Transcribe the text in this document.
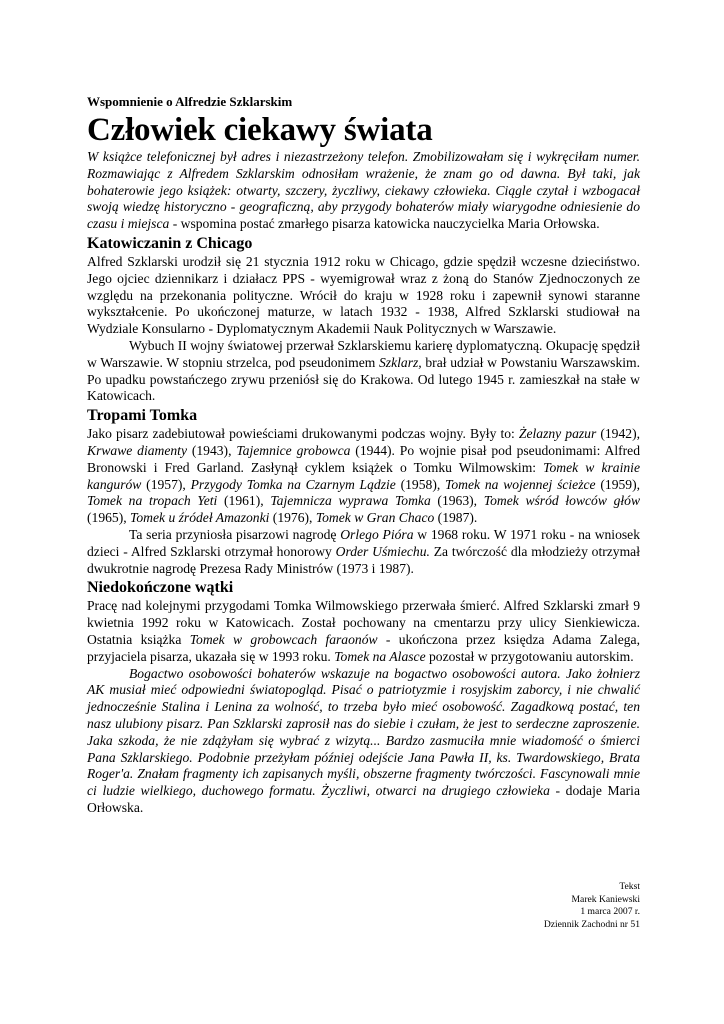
Wspomnienie o Alfredzie Szklarskim
Człowiek ciekawy świata

W książce telefonicznej był adres i niezastrzeżony telefon. Zmobilizowałam się i wykręciłam numer. Rozmawiając z Alfredem Szklarskim odnosiłam wrażenie, że znam go od dawna. Był taki, jak bohaterowie jego książek: otwarty, szczery, życzliwy, ciekawy człowieka. Ciągle czytał i wzbogacał swoją wiedzę historyczno - geograficzną, aby przygody bohaterów miały wiarygodne odniesienie do czasu i miejsca - wspomina postać zmarłego pisarza katowicka nauczycielka Maria Orłowska.

Katowiczanin z Chicago

Alfred Szklarski urodził się 21 stycznia 1912 roku w Chicago, gdzie spędził wczesne dzieciństwo. Jego ojciec dziennikarz i działacz PPS - wyemigrował wraz z żoną do Stanów Zjednoczonych ze względu na przekonania polityczne. Wrócił do kraju w 1928 roku i zapewnił synowi staranne wykształcenie. Po ukończonej maturze, w latach 1932 - 1938, Alfred Szklarski studiował na Wydziale Konsularno - Dyplomatycznym Akademii Nauk Politycznych w Warszawie.

Wybuch II wojny światowej przerwał Szklarskiemu karierę dyplomatyczną. Okupację spędził w Warszawie. W stopniu strzelca, pod pseudonimem Szklarz, brał udział w Powstaniu Warszawskim. Po upadku powstańczego zrywu przeniósł się do Krakowa. Od lutego 1945 r. zamieszkał na stałe w Katowicach.

Tropami Tomka

Jako pisarz zadebiutował powieściami drukowanymi podczas wojny. Były to: Żelazny pazur (1942), Krwawe diamenty (1943), Tajemnice grobowca (1944). Po wojnie pisał pod pseudonimami: Alfred Bronowski i Fred Garland. Zasłynął cyklem książek o Tomku Wilmowskim: Tomek w krainie kangurów (1957), Przygody Tomka na Czarnym Lądzie (1958), Tomek na wojennej ścieżce (1959), Tomek na tropach Yeti (1961), Tajemnicza wyprawa Tomka (1963), Tomek wśród łowców głów (1965), Tomek u źródeł Amazonki (1976), Tomek w Gran Chaco (1987).

Ta seria przyniosła pisarzowi nagrodę Orlego Pióra w 1968 roku. W 1971 roku - na wniosek dzieci - Alfred Szklarski otrzymał honorowy Order Uśmiechu. Za twórczość dla młodzieży otrzymał dwukrotnie nagrodę Prezesa Rady Ministrów (1973 i 1987).

Niedokończone wątki

Pracę nad kolejnymi przygodami Tomka Wilmowskiego przerwała śmierć. Alfred Szklarski zmarł 9 kwietnia 1992 roku w Katowicach. Został pochowany na cmentarzu przy ulicy Sienkiewicza. Ostatnia książka Tomek w grobowcach faraonów - ukończona przez księdza Adama Zalega, przyjaciela pisarza, ukazała się w 1993 roku. Tomek na Alasce pozostał w przygotowaniu autorskim.

Bogactwo osobowości bohaterów wskazuje na bogactwo osobowości autora. Jako żołnierz AK musiał mieć odpowiedni światopogląd. Pisać o patriotyzmie i rosyjskim zaborcy, i nie chwalić jednocześnie Stalina i Lenina za wolność, to trzeba było mieć osobowość. Zagadkową postać, ten nasz ulubiony pisarz. Pan Szklarski zaprosił nas do siebie i czułam, że jest to serdeczne zaproszenie. Jaka szkoda, że nie zdążyłam się wybrać z wizytą... Bardzo zasmuciła mnie wiadomość o śmierci Pana Szklarskiego. Podobnie przeżyłam później odejście Jana Pawła II, ks. Twardowskiego, Brata Roger'a. Znałam fragmenty ich zapisanych myśli, obszerne fragmenty twórczości. Fascynowali mnie ci ludzie wielkiego, duchowego formatu. Życzliwi, otwarci na drugiego człowieka - dodaje Maria Orłowska.

Tekst
Marek Kaniewski
1 marca 2007 r.
Dziennik Zachodni nr 51
